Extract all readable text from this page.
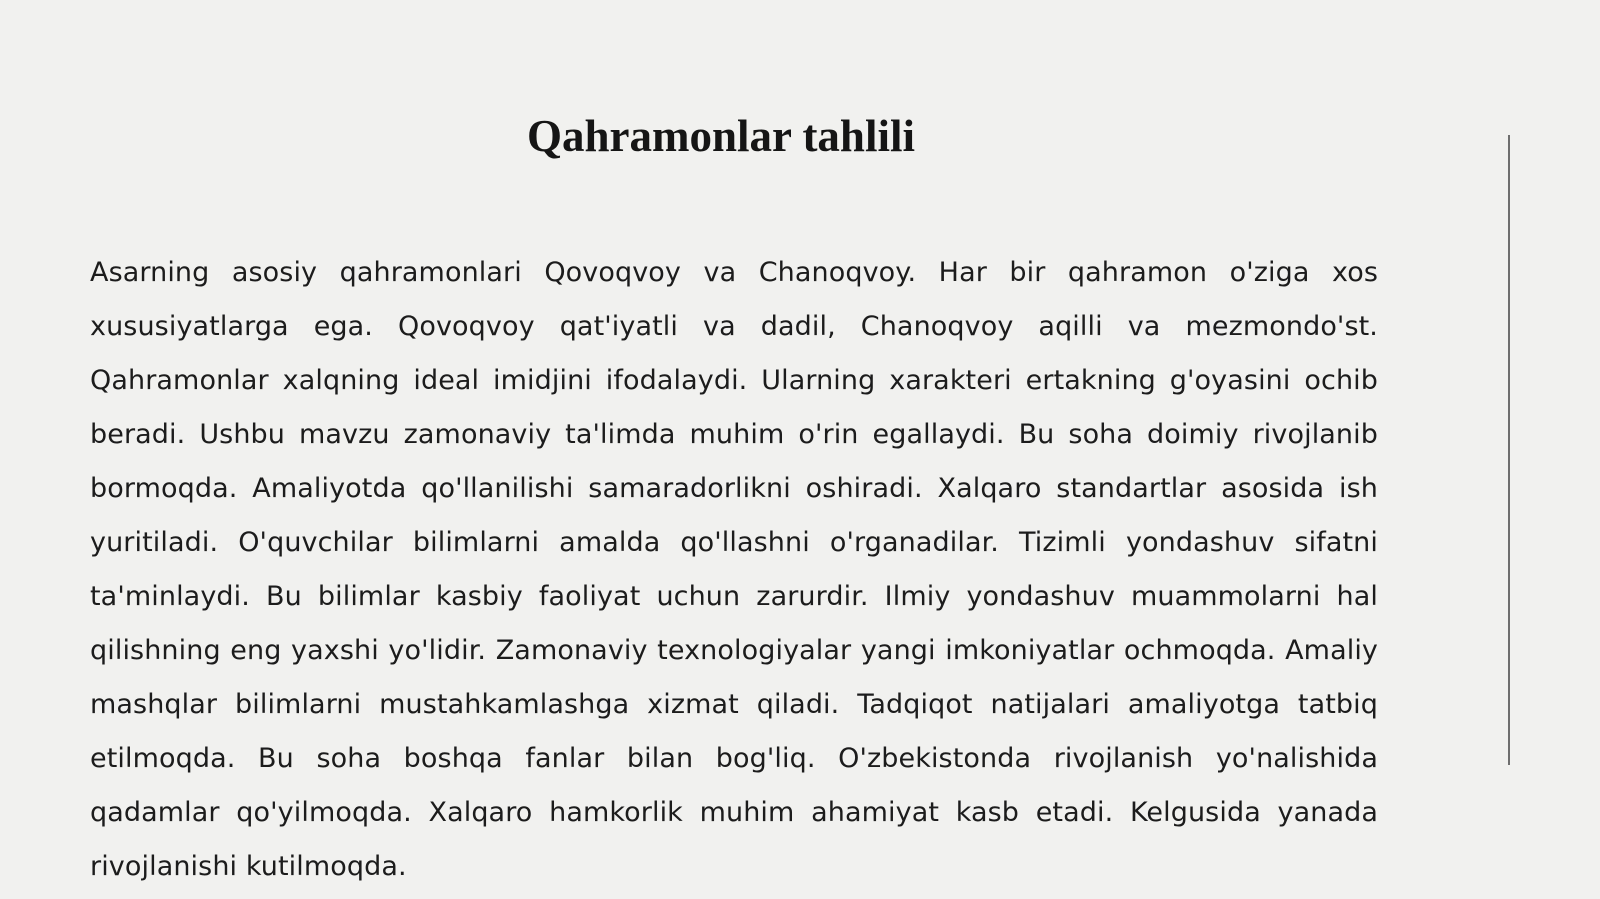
Qahramonlar tahlili

Asarning asosiy qahramonlari Qovoqvoy va Chanoqvoy. Har bir qahramon o'ziga xos xususiyatlarga ega. Qovoqvoy qat'iyatli va dadil, Chanoqvoy aqilli va mezmondo'st. Qahramonlar xalqning ideal imidjini ifodalaydi. Ularning xarakteri ertakning g'oyasini ochib beradi. Ushbu mavzu zamonaviy ta'limda muhim o'rin egallaydi. Bu soha doimiy rivojlanib bormoqda. Amaliyotda qo'llanilishi samaradorlikni oshiradi. Xalqaro standartlar asosida ish yuritiladi. O'quvchilar bilimlarni amalda qo'llashni o'rganadilar. Tizimli yondashuv sifatni ta'minlaydi. Bu bilimlar kasbiy faoliyat uchun zarurdir. Ilmiy yondashuv muammolarni hal qilishning eng yaxshi yo'lidir. Zamonaviy texnologiyalar yangi imkoniyatlar ochmoqda. Amaliy mashqlar bilimlarni mustahkamlashga xizmat qiladi. Tadqiqot natijalari amaliyotga tatbiq etilmoqda. Bu soha boshqa fanlar bilan bog'liq. O'zbekistonda rivojlanish yo'nalishida qadamlar qo'yilmoqda. Xalqaro hamkorlik muhim ahamiyat kasb etadi. Kelgusida yanada rivojlanishi kutilmoqda.
